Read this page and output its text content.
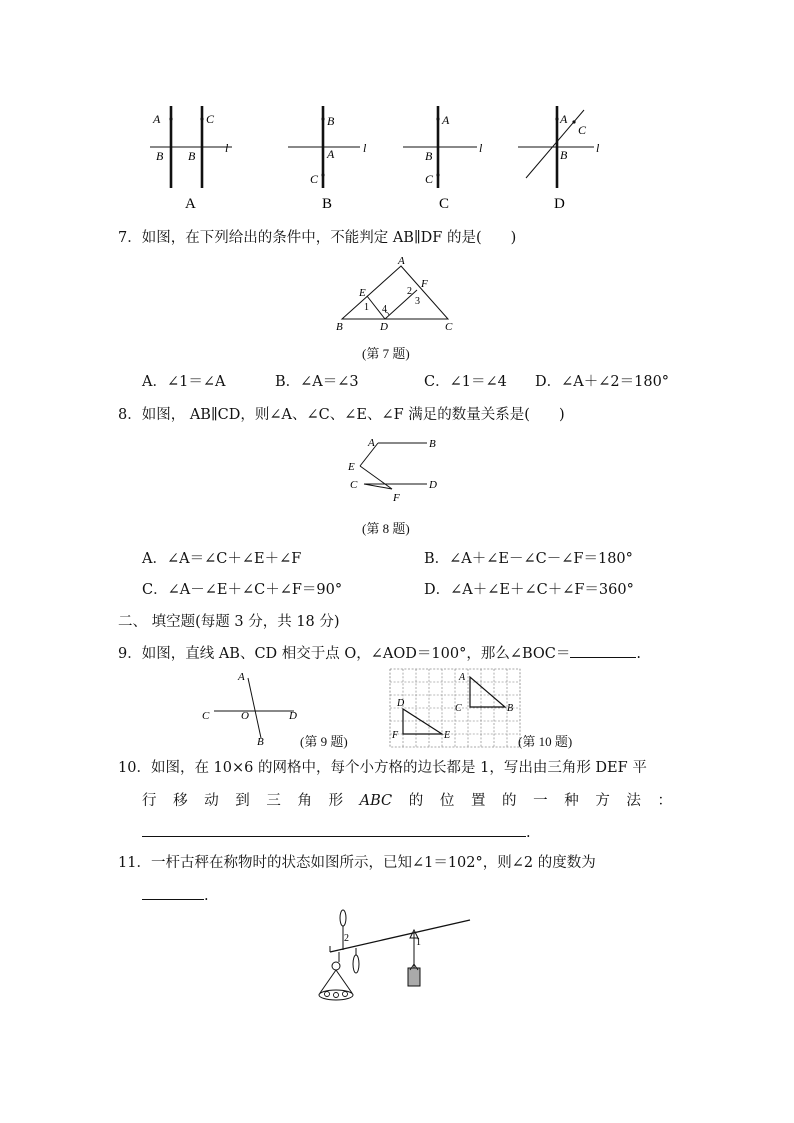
A	C
B B
l
A
B
A
C
l
B
A
B
C
l
C
A
C
B l
D
7．如图，在下列给出的条件中，不能判定 AB∥DF 的是(　　)
A
E
F
1
2
3
4
B	D	C
(第 7 题)
A．∠1＝∠A	B．∠A＝∠3	C．∠1＝∠4 D．∠A＋∠2＝180°
8．如图， AB∥CD，则∠A、∠C、∠E、∠F 满足的数量关系是(　　)
A	B
E
C	D
F
(第 8 题)
A．∠A＝∠C＋∠E＋∠F	B．∠A＋∠E－∠C－∠F＝180°
C．∠A－∠E＋∠C＋∠F＝90°	D．∠A＋∠E＋∠C＋∠F＝360°
二、 填空题(每题 3 分，共 18 分)
9．如图，直线 AB、CD 相交于点 O，∠AOD＝100°，那么∠BOC＝	.
A
C	O	D
B	(第 9 题)
A
C	B
D
F	E	(第 10 题)
10．如图，在 10×6 的网格中，每个小方格的边长都是 1，写出由三角形 DEF 平
行 移 动 到 三 角 形 ABC 的 位 置 的 一 种 方 法 ：
.
11．一杆古秤在称物时的状态如图所示，已知∠1＝102°，则∠2 的度数为
.
2	1
